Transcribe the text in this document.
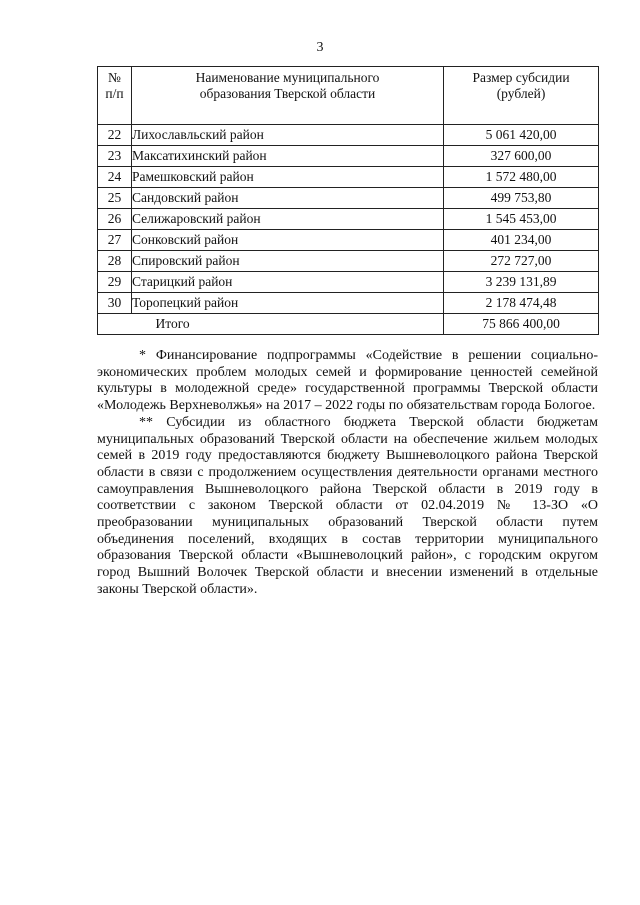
3
№ п/п	Наименование муниципального образования Тверской области	Размер субсидии (рублей)
22	Лихославльский район	5 061 420,00
23	Максатихинский район	327 600,00
24	Рамешковский район	1 572 480,00
25	Сандовский район	499 753,80
26	Селижаровский район	1 545 453,00
27	Сонковский район	401 234,00
28	Спировский район	272 727,00
29	Старицкий район	3 239 131,89
30	Торопецкий район	2 178 474,48
	Итого	75 866 400,00

* Финансирование подпрограммы «Содействие в решении социально-экономических проблем молодых семей и формирование ценностей семейной культуры в молодежной среде» государственной программы Тверской области «Молодежь Верхневолжья» на 2017 – 2022 годы по обязательствам города Бологое.

** Субсидии из областного бюджета Тверской области бюджетам муниципальных образований Тверской области на обеспечение жильем молодых семей в 2019 году предоставляются бюджету Вышневолоцкого района Тверской области в связи с продолжением осуществления деятельности органами местного самоуправления Вышневолоцкого района Тверской области в 2019 году в соответствии с законом Тверской области от 02.04.2019 № 13-ЗО «О преобразовании муниципальных образований Тверской области путем объединения поселений, входящих в состав территории муниципального образования Тверской области «Вышневолоцкий район», с городским округом город Вышний Волочек Тверской области и внесении изменений в отдельные законы Тверской области».
